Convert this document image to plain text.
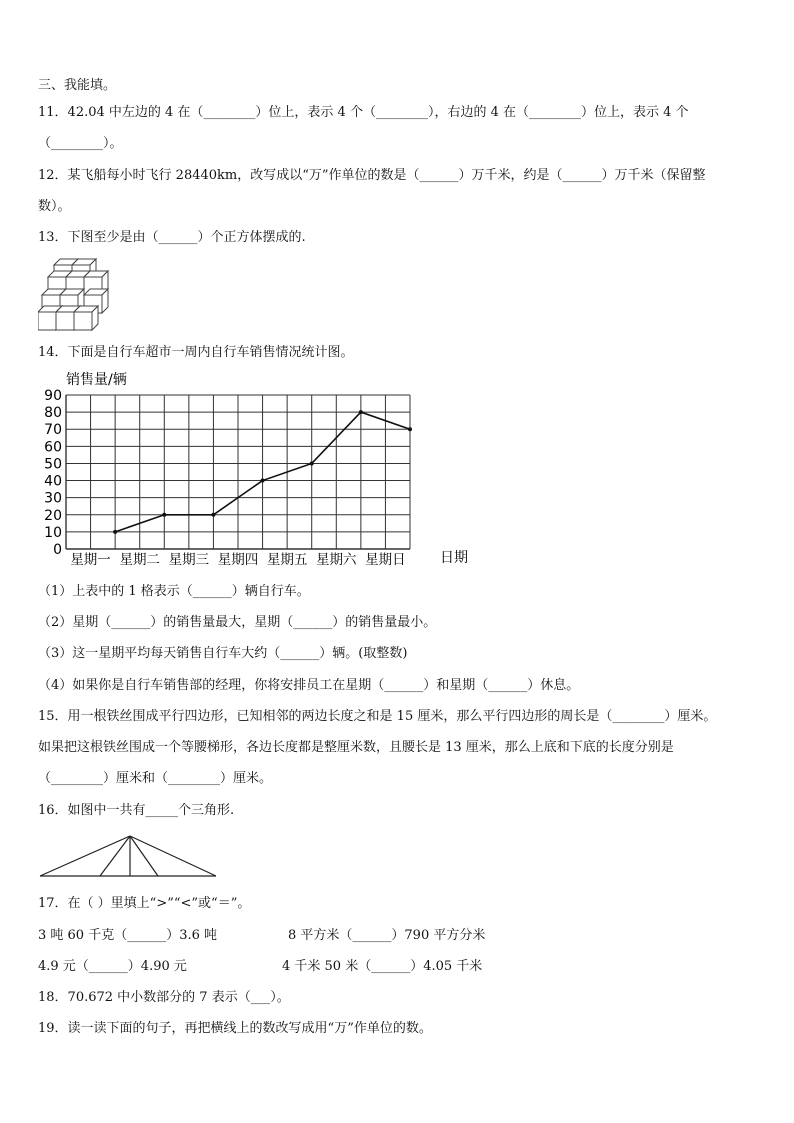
三、我能填。
11．42.04 中左边的 4 在（________）位上，表示 4 个（________），右边的 4 在（________）位上，表示 4 个
（________）。
12．某飞船每小时飞行 28440km，改写成以“万”作单位的数是（______）万千米，约是（______）万千米（保留整
数）。
13．下图至少是由（______）个正方体摆成的.
14．下面是自行车超市一周内自行车销售情况统计图。
销售量/辆
日期
0
10
20
30
40
50
60
70
80
90
星期一 星期二 星期三 星期四 星期五 星期六 星期日
（1）上表中的 1 格表示（______）辆自行车。
（2）星期（______）的销售量最大，星期（______）的销售量最小。
（3）这一星期平均每天销售自行车大约（______）辆。(取整数)
（4）如果你是自行车销售部的经理，你将安排员工在星期（______）和星期（______）休息。
15．用一根铁丝围成平行四边形，已知相邻的两边长度之和是 15 厘米，那么平行四边形的周长是（________）厘米。
如果把这根铁丝围成一个等腰梯形，各边长度都是整厘米数，且腰长是 13 厘米，那么上底和下底的长度分别是
（________）厘米和（________）厘米。
16．如图中一共有_____个三角形.
17．在（ ）里填上“>”“<”或“＝”。
3 吨 60 千克（______）3.6 吨	8 平方米（______）790 平方分米
4.9 元（______）4.90 元	4 千米 50 米（______）4.05 千米
18．70.672 中小数部分的 7 表示（___）。
19．读一读下面的句子，再把横线上的数改写成用“万”作单位的数。
